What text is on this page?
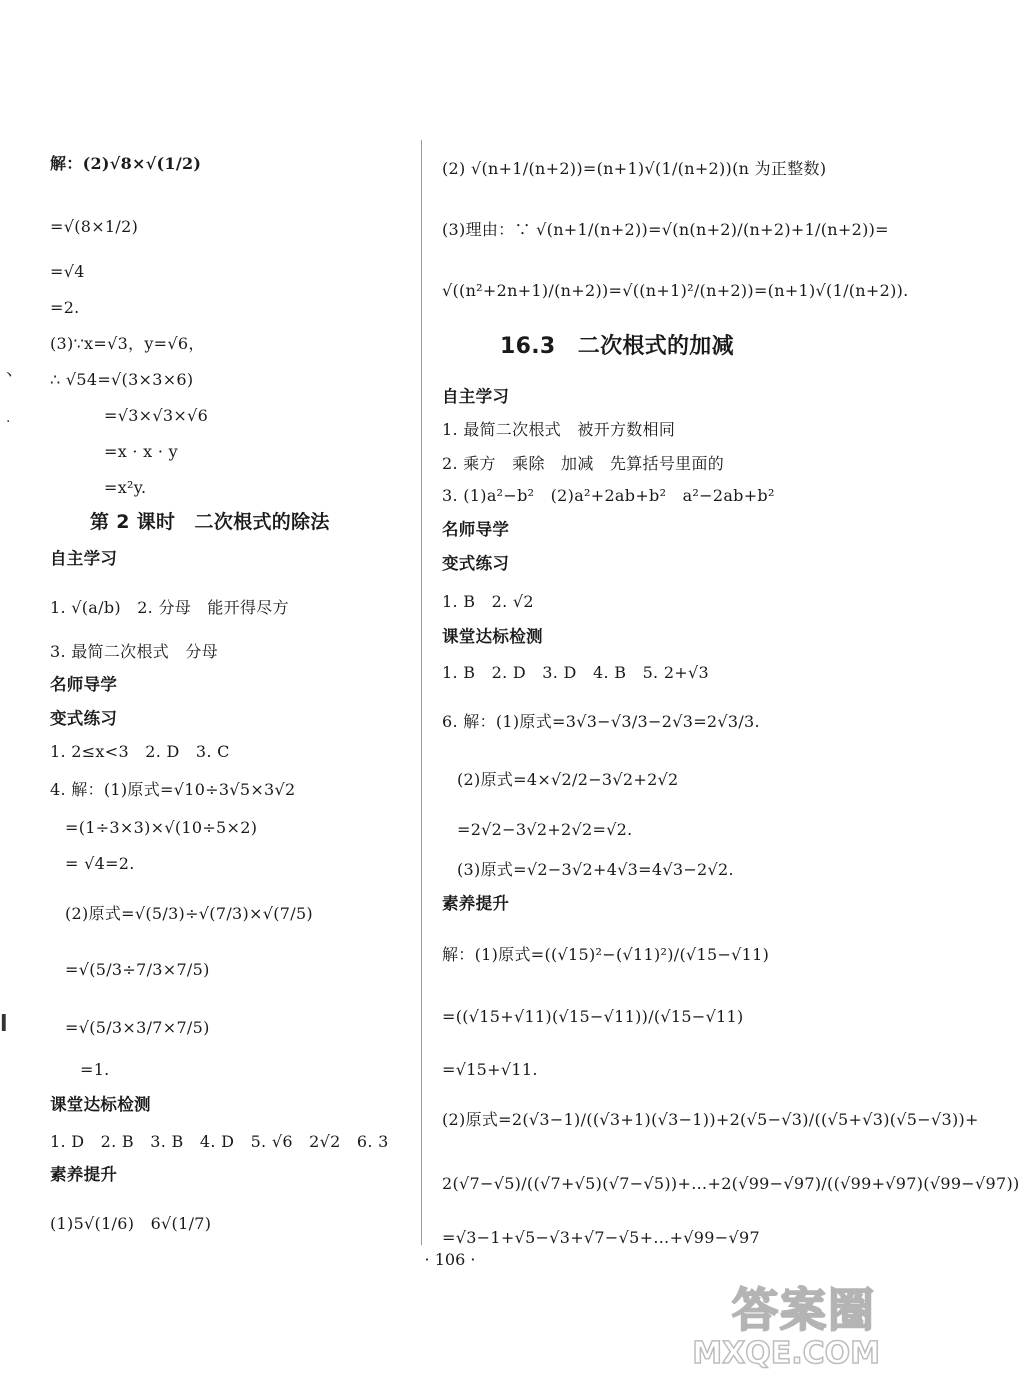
解：(2)√8×√(1/2)
=√(8×1/2)
=√4
=2.
(3)∵x=√3，y=√6，
∴ √54=√(3×3×6)
=√3×√3×√6
=x · x · y
=x²y.
第 2 课时　二次根式的除法
自主学习
1. √(a/b)　2. 分母　能开得尽方
3. 最简二次根式　分母
名师导学
变式练习
1. 2≤x<3　2. D　3. C
4. 解：(1)原式=√10÷3√5×3√2
=(1÷3×3)×√(10÷5×2)
= √4=2.
(2)原式=√(5/3)÷√(7/3)×√(7/5)
=√(5/3÷7/3×7/5)
=√(5/3×3/7×7/5)
=1.
课堂达标检测
1. D　2. B　3. B　4. D　5. √6　2√2　6. 3
素养提升
(1)5√(1/6)　6√(1/7)
(2) √(n+1/(n+2))=(n+1)√(1/(n+2))(n 为正整数)
(3)理由：∵ √(n+1/(n+2))=√(n(n+2)/(n+2)+1/(n+2))=
√((n²+2n+1)/(n+2))=√((n+1)²/(n+2))=(n+1)√(1/(n+2)).
16.3　二次根式的加减
自主学习
1. 最简二次根式　被开方数相同
2. 乘方　乘除　加减　先算括号里面的
3. (1)a²−b²　(2)a²+2ab+b²　a²−2ab+b²
名师导学
变式练习
1. B　2. √2
课堂达标检测
1. B　2. D　3. D　4. B　5. 2+√3
6. 解：(1)原式=3√3−√3/3−2√3=2√3/3.
(2)原式=4×√2/2−3√2+2√2
=2√2−3√2+2√2=√2.
(3)原式=√2−3√2+4√3=4√3−2√2.
素养提升
解：(1)原式=((√15)²−(√11)²)/(√15−√11)
=((√15+√11)(√15−√11))/(√15−√11)
=√15+√11.
(2)原式=2(√3−1)/((√3+1)(√3−1))+2(√5−√3)/((√5+√3)(√5−√3))+
2(√7−√5)/((√7+√5)(√7−√5))+…+2(√99−√97)/((√99+√97)(√99−√97))
=√3−1+√5−√3+√7−√5+…+√99−√97
、
.
l
· 106 ·
答案圈
MXQE.COM
